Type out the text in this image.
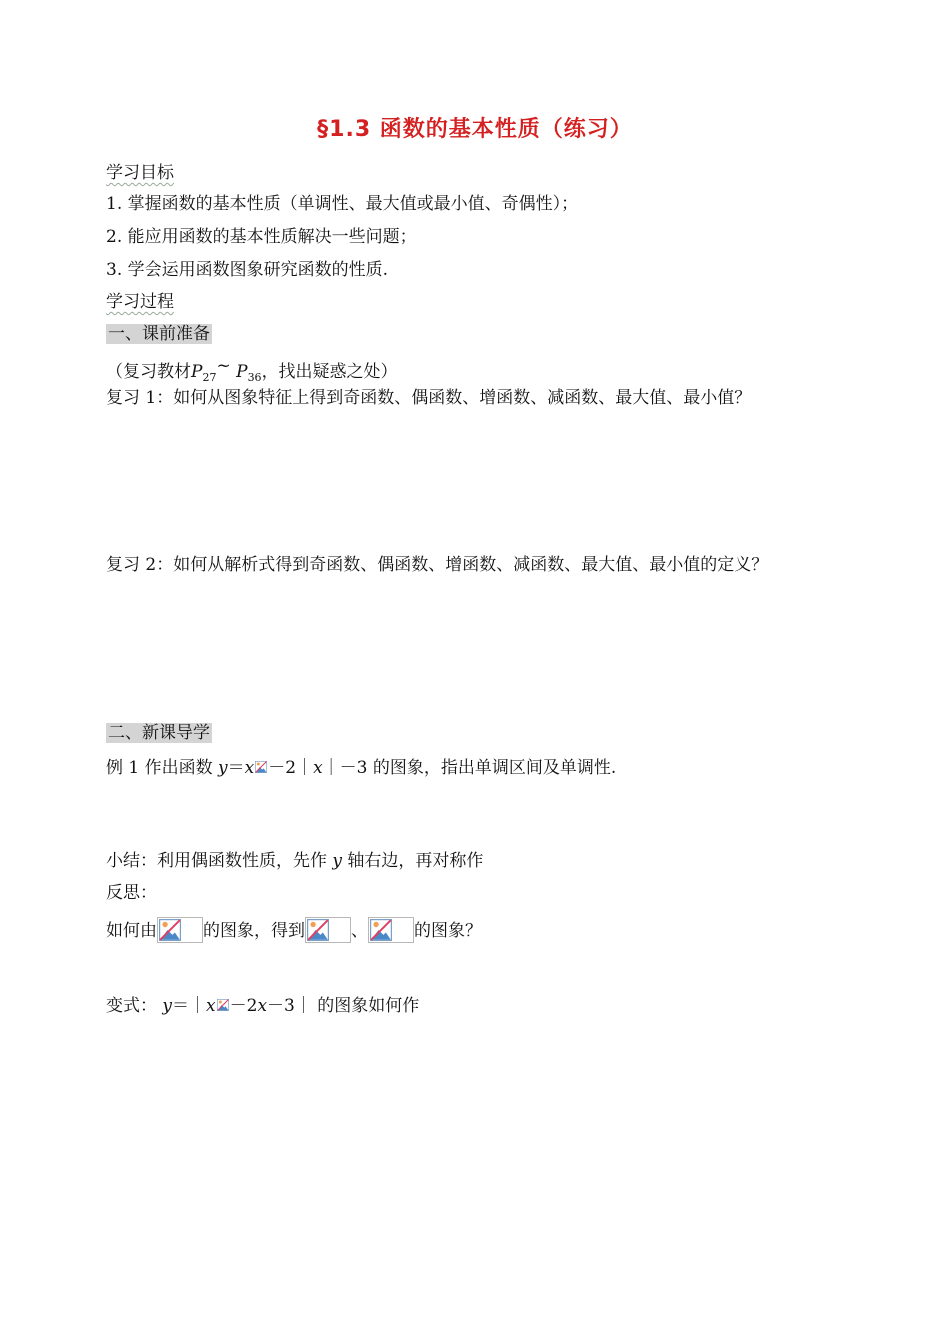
§1.3 函数的基本性质（练习）
学习目标
1. 掌握函数的基本性质（单调性、最大值或最小值、奇偶性）；
2. 能应用函数的基本性质解决一些问题；
3. 学会运用函数图象研究函数的性质.
学习过程
一、课前准备
（复习教材$P_{27}\sim$ $P_{36}$，找出疑惑之处）
复习 1：如何从图象特征上得到奇函数、偶函数、增函数、减函数、最大值、最小值？
复习 2：如何从解析式得到奇函数、偶函数、增函数、减函数、最大值、最小值的定义？
二、新课导学
例 1 作出函数 y＝x －2｜x｜－3 的图象，指出单调区间及单调性.
小结：利用偶函数性质，先作 y 轴右边，再对称作
反思：
如何由	的图象，得到	、	的图象？
变式： y＝｜x －2x－3｜ 的图象如何作
